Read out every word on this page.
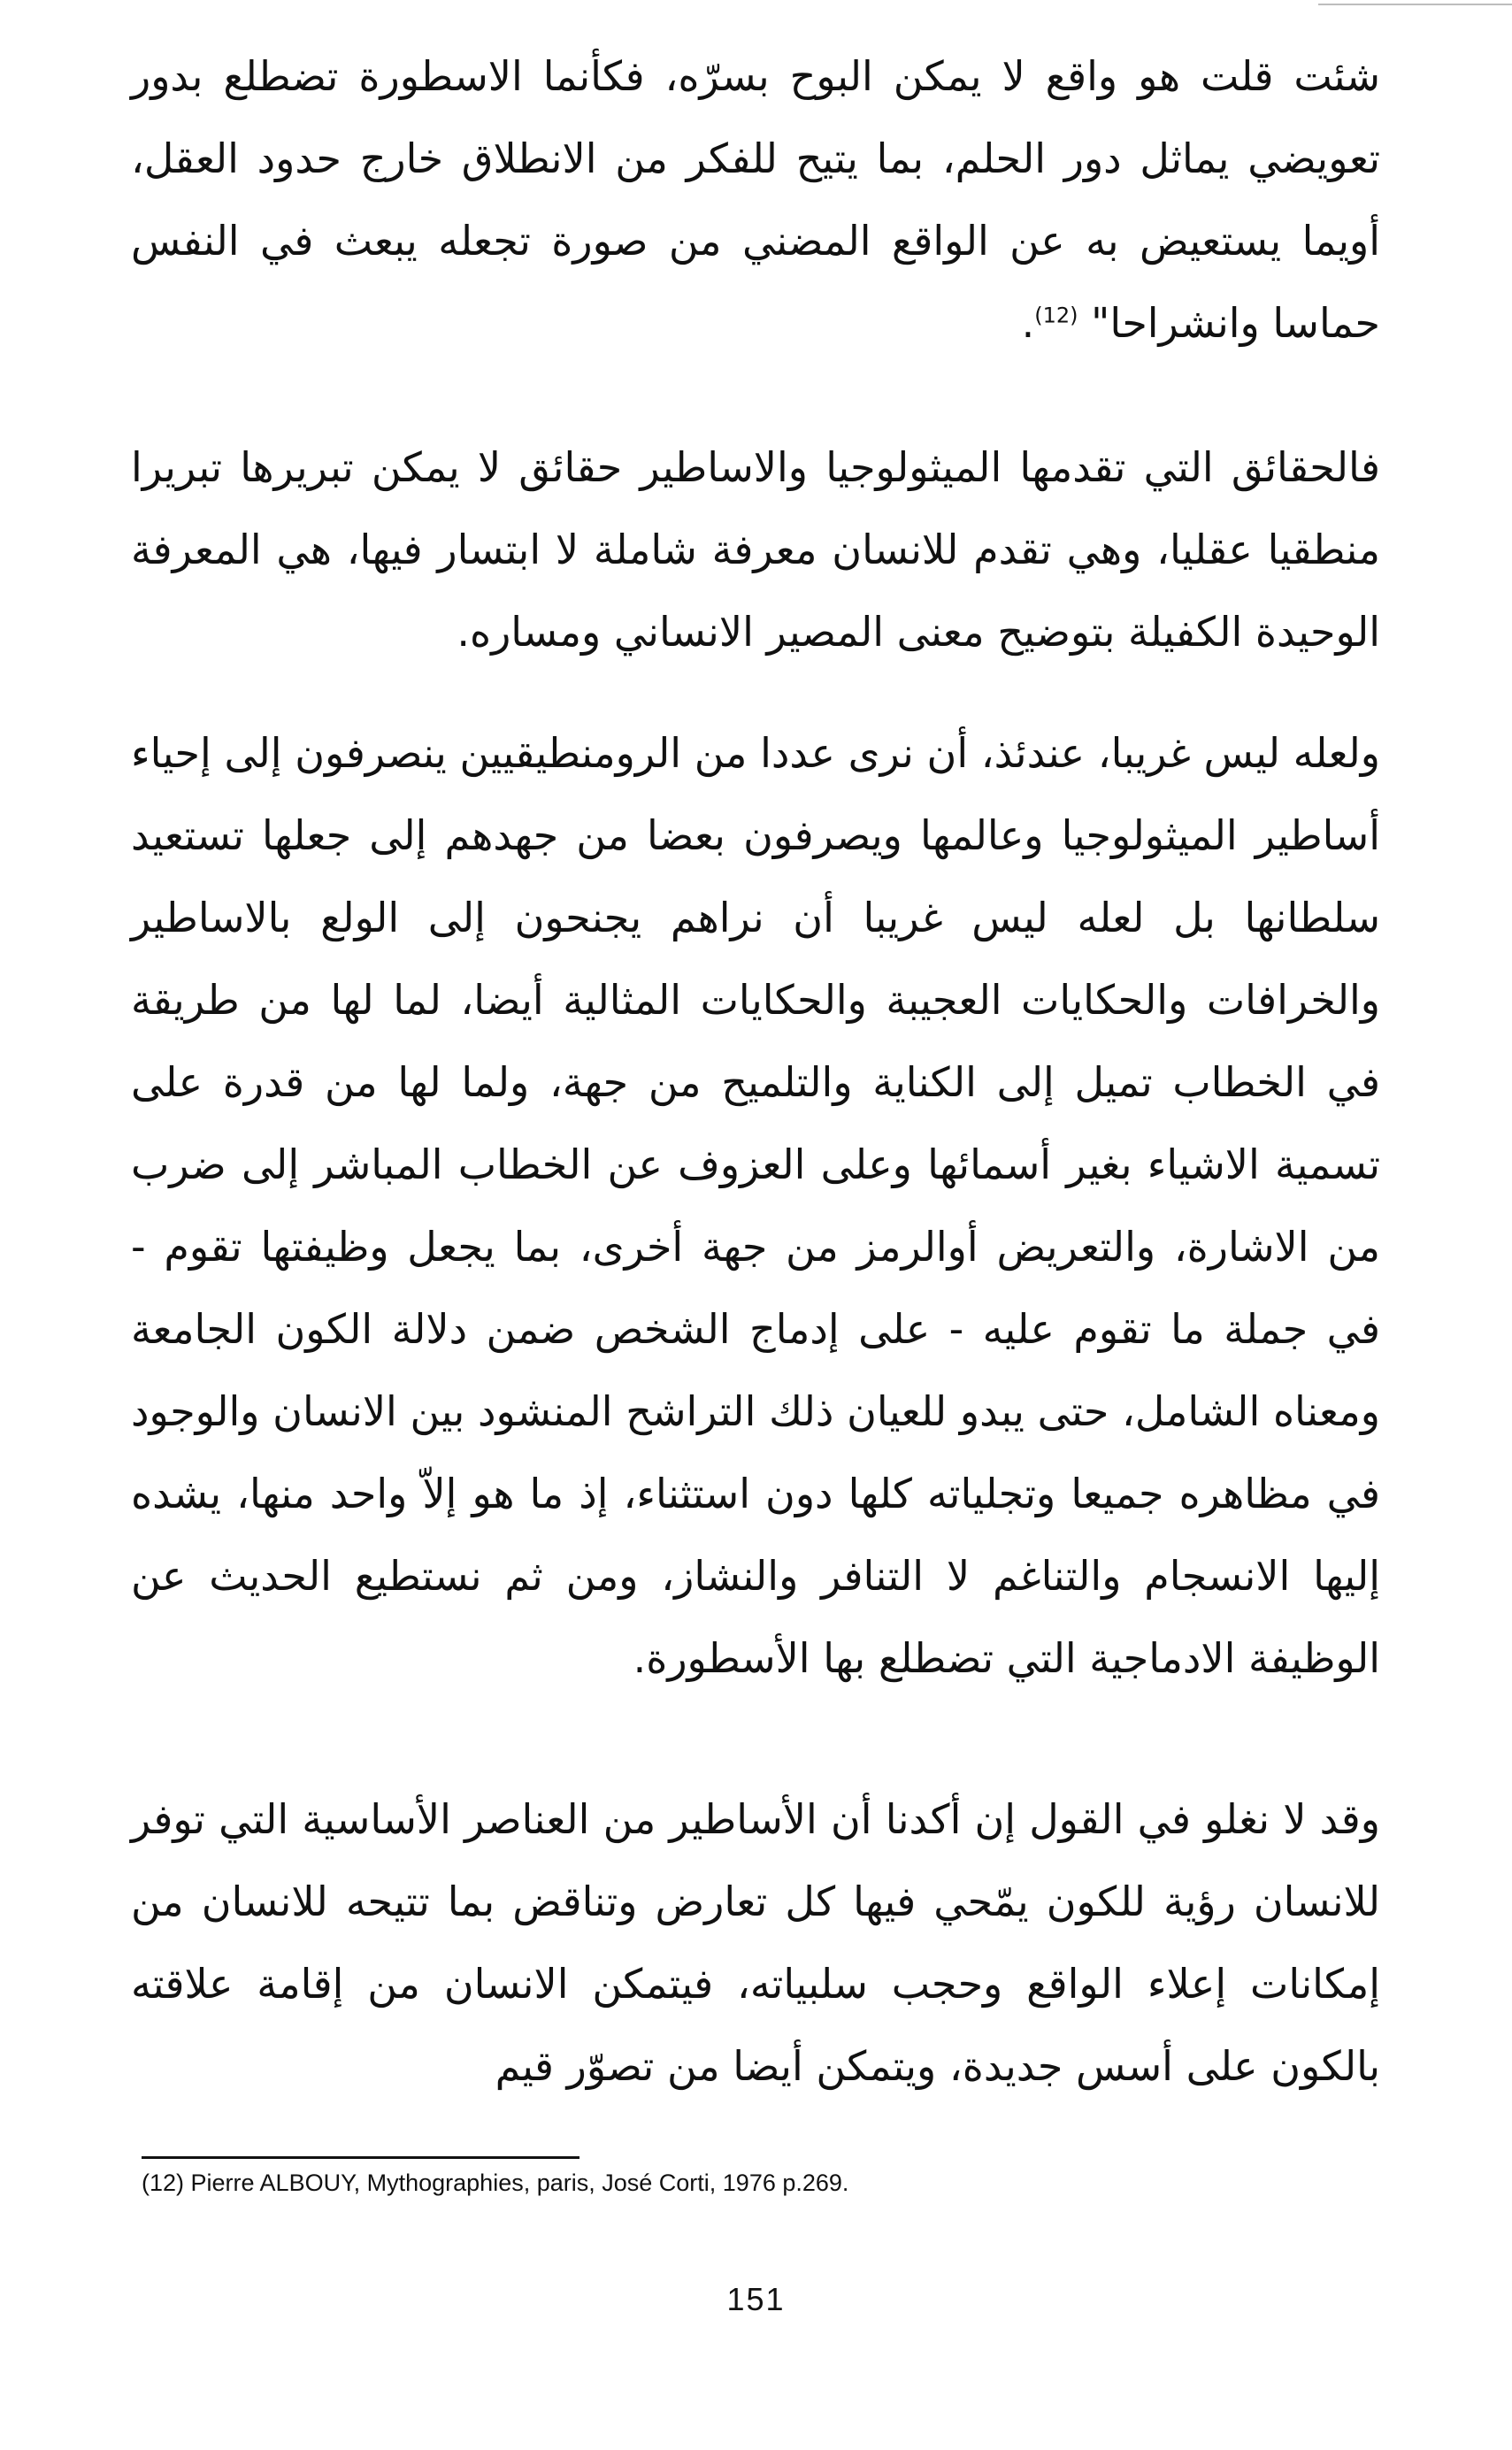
شئت قلت هو واقع لا يمكن البوح بسرّه، فكأنما الاسطورة تضطلع بدور تعويضي يماثل دور الحلم، بما يتيح للفكر من الانطلاق خارج حدود العقل، أويما يستعيض به عن الواقع المضني من صورة تجعله يبعث في النفس حماسا وانشراحا" $^{(12)}$.

فالحقائق التي تقدمها الميثولوجيا والاساطير حقائق لا يمكن تبريرها تبريرا منطقيا عقليا، وهي تقدم للانسان معرفة شاملة لا ابتسار فيها، هي المعرفة الوحيدة الكفيلة بتوضيح معنى المصير الانساني ومساره.

ولعله ليس غريبا، عندئذ، أن نرى عددا من الرومنطيقيين ينصرفون إلى إحياء أساطير الميثولوجيا وعالمها ويصرفون بعضا من جهدهم إلى جعلها تستعيد سلطانها بل لعله ليس غريبا أن نراهم يجنحون إلى الولع بالاساطير والخرافات والحكايات العجيبة والحكايات المثالية أيضا، لما لها من طريقة في الخطاب تميل إلى الكناية والتلميح من جهة، ولما لها من قدرة على تسمية الاشياء بغير أسمائها وعلى العزوف عن الخطاب المباشر إلى ضرب من الاشارة، والتعريض أوالرمز من جهة أخرى، بما يجعل وظيفتها تقوم - في جملة ما تقوم عليه - على إدماج الشخص ضمن دلالة الكون الجامعة ومعناه الشامل، حتى يبدو للعيان ذلك التراشح المنشود بين الانسان والوجود في مظاهره جميعا وتجلياته كلها دون استثناء، إذ ما هو إلاّ واحد منها، يشده إليها الانسجام والتناغم لا التنافر والنشاز، ومن ثم نستطيع الحديث عن الوظيفة الادماجية التي تضطلع بها الأسطورة.

وقد لا نغلو في القول إن أكدنا أن الأساطير من العناصر الأساسية التي توفر للانسان رؤية للكون يمّحي فيها كل تعارض وتناقض بما تتيحه للانسان من إمكانات إعلاء الواقع وحجب سلبياته، فيتمكن الانسان من إقامة علاقته بالكون على أسس جديدة، ويتمكن أيضا من تصوّر قيم

(12) Pierre ALBOUY, Mythographies, paris, José Corti, 1976 p.269.

151
